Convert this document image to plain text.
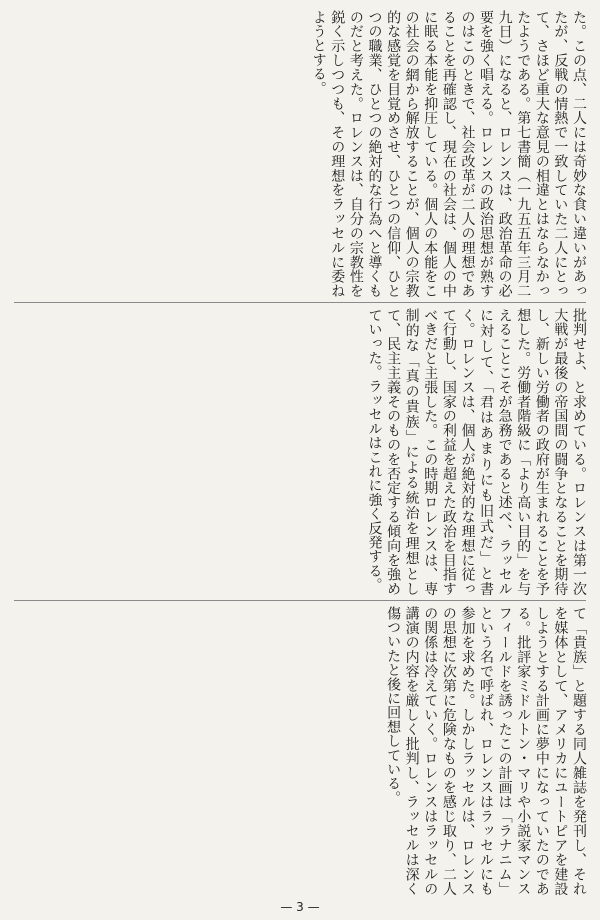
た。この点、二人には奇妙な食い違いがあったが、反戦の情熱で一致していた二人にとって、さほど重大な意見の相違とはならなかったようである。第七書簡（一九五五年三月二九日）になると、ロレンスは、政治革命の必要を強く唱える。ロレンスの政治思想が熟すのはこのときで、社会改革が二人の理想であることを再確認し、現在の社会は、個人の中に眠る本能を抑圧している。個人の本能をこの社会の網から解放することが、個人の宗教的な感覚を目覚めさせ、ひとつの信仰、ひとつの職業、ひとつの絶対的な行為へと導くものだと考えた。ロレンスは、自分の宗教性を鋭く示しつつも、その理想をラッセルに委ねようとする。
批判せよ、と求めている。ロレンスは第一次大戦が最後の帝国間の闘争となることを期待し、新しい労働者の政府が生まれることを予想した。労働者階級に「より高い目的」を与えることこそが急務であると述べ、ラッセルに対して、「君はあまりにも旧式だ」と書く。ロレンスは、個人が絶対的な理想に従って行動し、国家の利益を超えた政治を目指すべきだと主張した。この時期ロレンスは、専制的な「真の貴族」による統治を理想として、民主主義そのものを否定する傾向を強めていった。ラッセルはこれに強く反発する。
て「貴族」と題する同人雑誌を発刊し、それを媒体として、アメリカにユートピアを建設しようとする計画に夢中になっていたのである。批評家ミドルトン・マリや小説家マンスフィールドを誘ったこの計画は「ラナニム」という名で呼ばれ、ロレンスはラッセルにも参加を求めた。しかしラッセルは、ロレンスの思想に次第に危険なものを感じ取り、二人の関係は冷えていく。ロレンスはラッセルの講演の内容を厳しく批判し、ラッセルは深く傷ついたと後に回想している。
— 3 —
